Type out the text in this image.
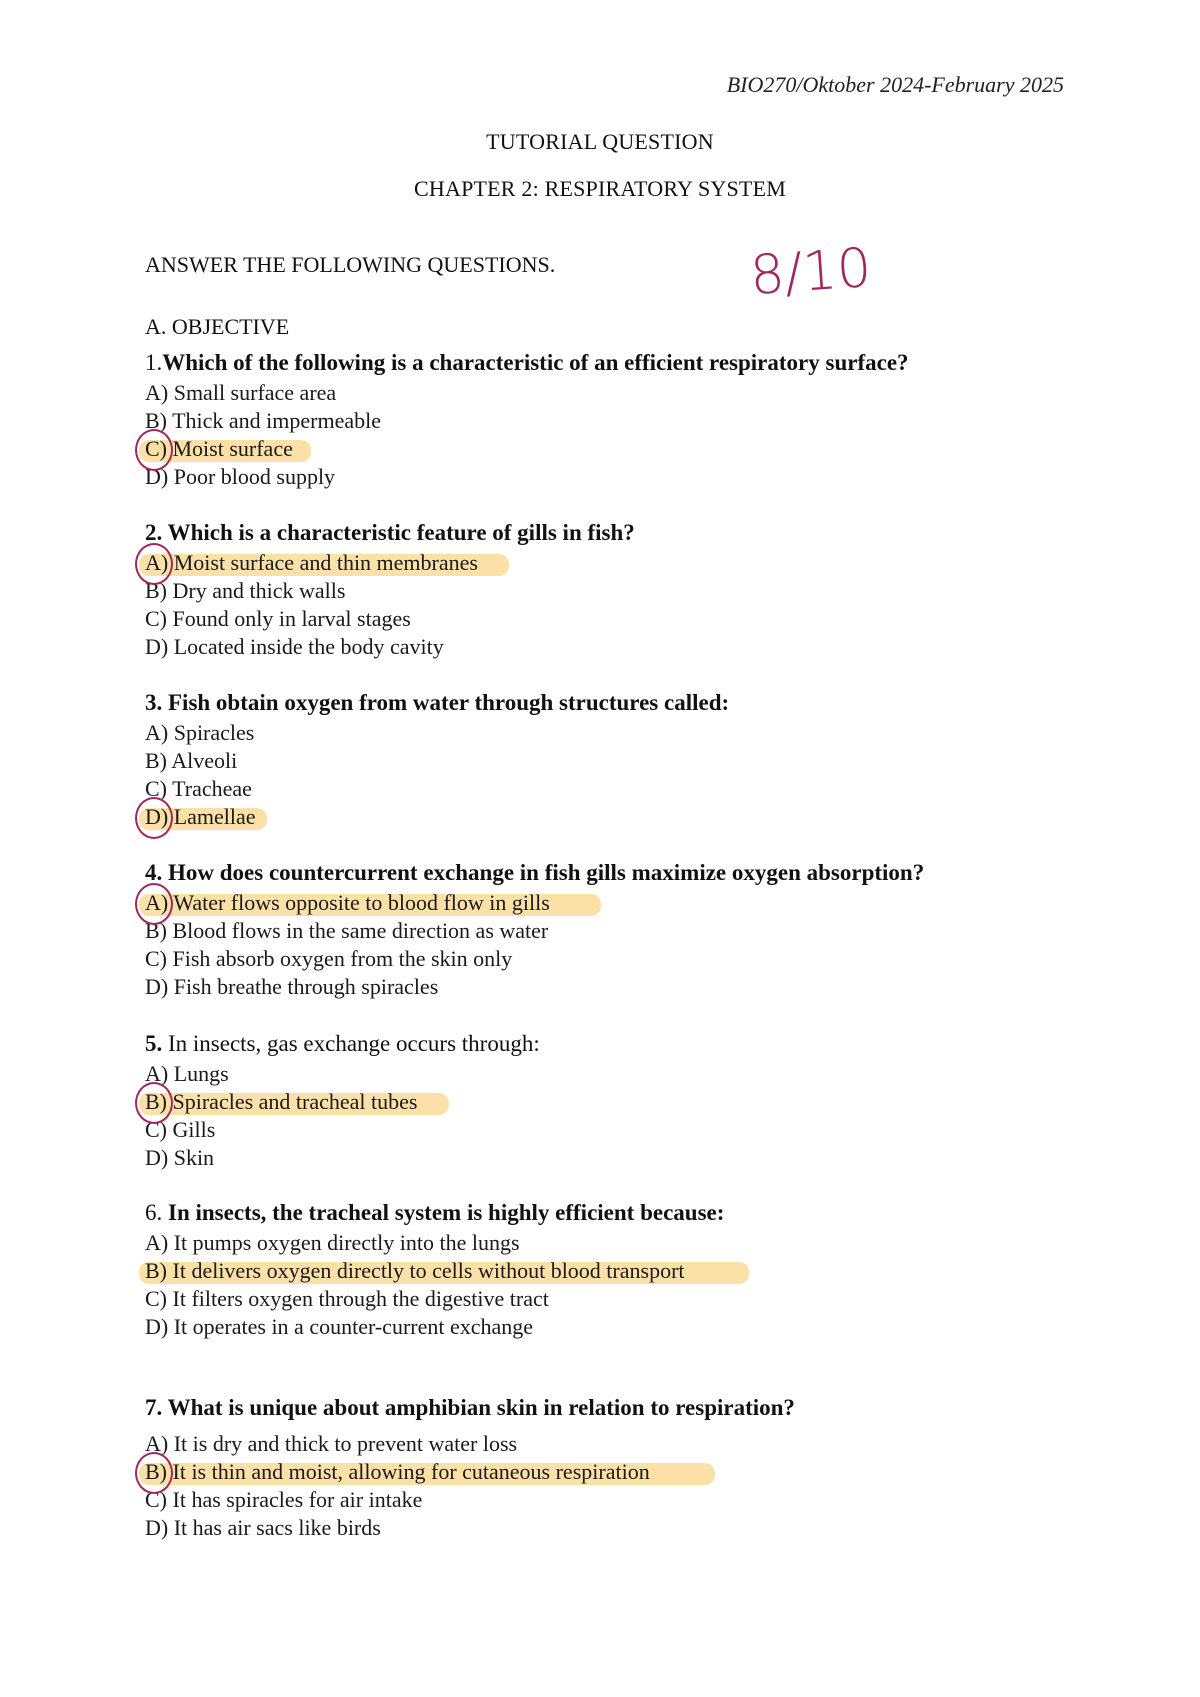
BIO270/Oktober 2024-February 2025
TUTORIAL QUESTION
CHAPTER 2: RESPIRATORY SYSTEM
ANSWER THE FOLLOWING QUESTIONS.	8/10
A. OBJECTIVE
1.Which of the following is a characteristic of an efficient respiratory surface?
A) Small surface area
B) Thick and impermeable
C) Moist surface
D) Poor blood supply
2. Which is a characteristic feature of gills in fish?
A) Moist surface and thin membranes
B) Dry and thick walls
C) Found only in larval stages
D) Located inside the body cavity
3. Fish obtain oxygen from water through structures called:
A) Spiracles
B) Alveoli
C) Tracheae
D) Lamellae
4. How does countercurrent exchange in fish gills maximize oxygen absorption?
A) Water flows opposite to blood flow in gills
B) Blood flows in the same direction as water
C) Fish absorb oxygen from the skin only
D) Fish breathe through spiracles
5. In insects, gas exchange occurs through:
A) Lungs
B) Spiracles and tracheal tubes
C) Gills
D) Skin
6. In insects, the tracheal system is highly efficient because:
A) It pumps oxygen directly into the lungs
B) It delivers oxygen directly to cells without blood transport
C) It filters oxygen through the digestive tract
D) It operates in a counter-current exchange
7. What is unique about amphibian skin in relation to respiration?
A) It is dry and thick to prevent water loss
B) It is thin and moist, allowing for cutaneous respiration
C) It has spiracles for air intake
D) It has air sacs like birds
